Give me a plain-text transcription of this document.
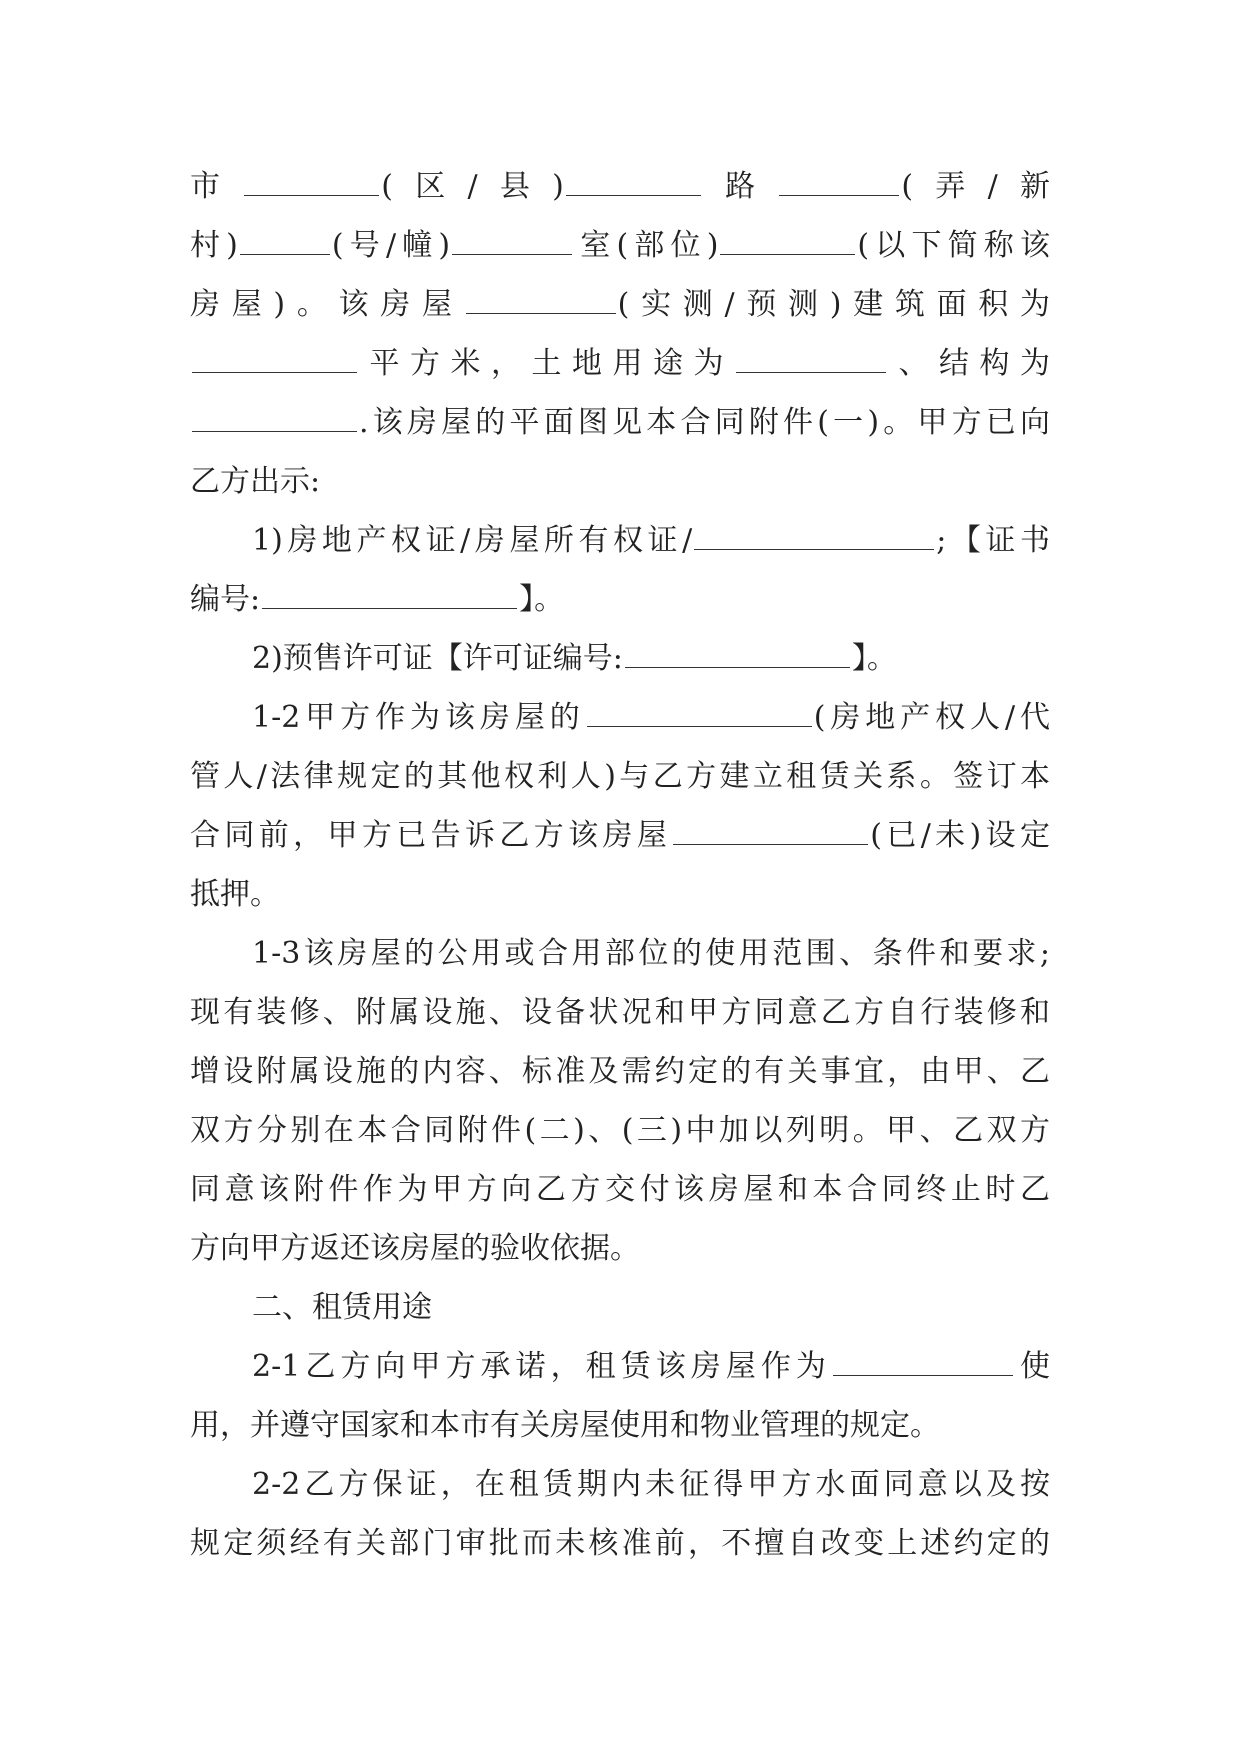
市	(区/县)	路	(弄/新
村)	(号/幢)	室(部位)	(以下简称该
房屋)。该房屋	(实测/预测)建筑面积为
平方米，土地用途为	、结构为
.该房屋的平面图见本合同附件(一)。甲方已向
乙方出示:
1)房地产权证/房屋所有权证/	;【证书
编号:	】。
2)预售许可证【许可证编号:	】。
1-2甲方作为该房屋的	(房地产权人/代
管人/法律规定的其他权利人)与乙方建立租赁关系。签订本
合同前，甲方已告诉乙方该房屋	(已/未)设定
抵押。
1-3该房屋的公用或合用部位的使用范围、条件和要求;
现有装修、附属设施、设备状况和甲方同意乙方自行装修和
增设附属设施的内容、标准及需约定的有关事宜，由甲、乙
双方分别在本合同附件(二)、(三)中加以列明。甲、乙双方
同意该附件作为甲方向乙方交付该房屋和本合同终止时乙
方向甲方返还该房屋的验收依据。
二、租赁用途
2-1乙方向甲方承诺，租赁该房屋作为	使
用，并遵守国家和本市有关房屋使用和物业管理的规定。
2-2乙方保证，在租赁期内未征得甲方水面同意以及按
规定须经有关部门审批而未核准前，不擅自改变上述约定的
